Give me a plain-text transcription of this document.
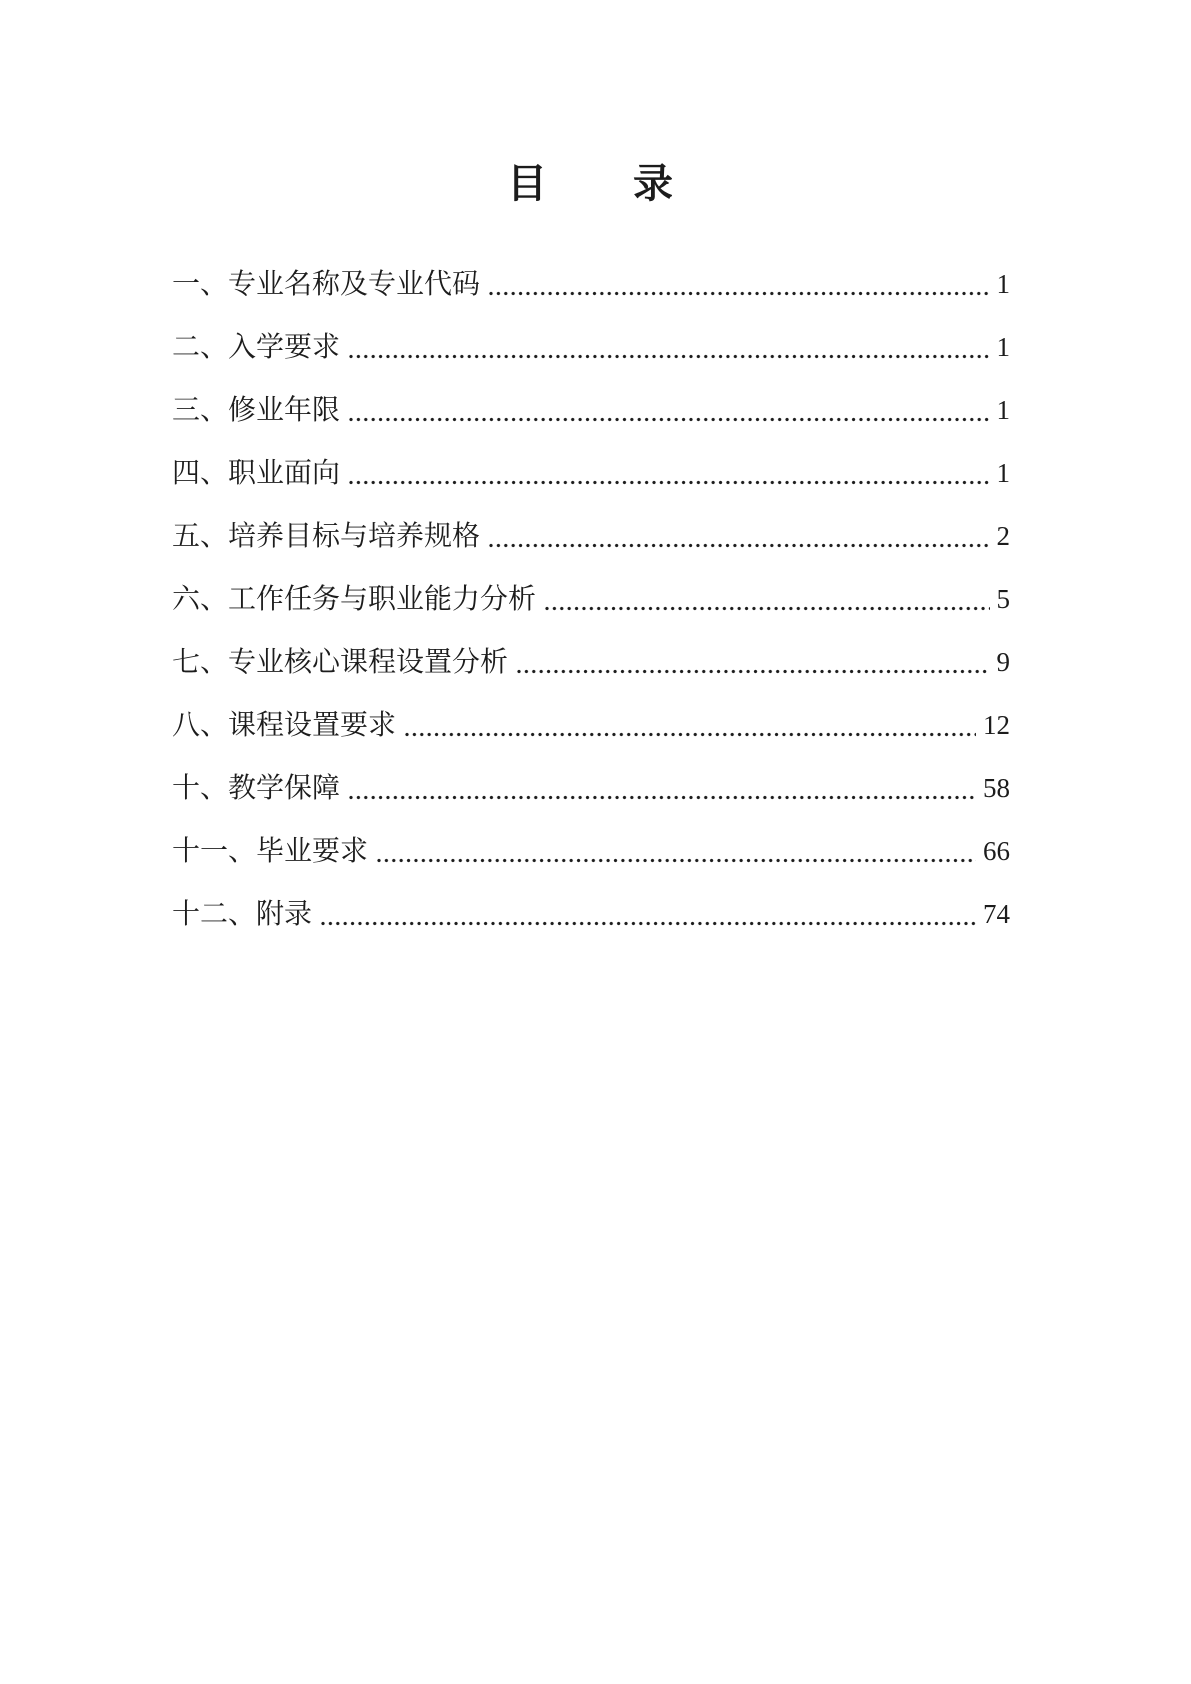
目　　录
一、专业名称及专业代码	1
二、入学要求	1
三、修业年限	1
四、职业面向	1
五、培养目标与培养规格	2
六、工作任务与职业能力分析	5
七、专业核心课程设置分析	9
八、课程设置要求	12
十、教学保障	58
十一、毕业要求	66
十二、附录	74
